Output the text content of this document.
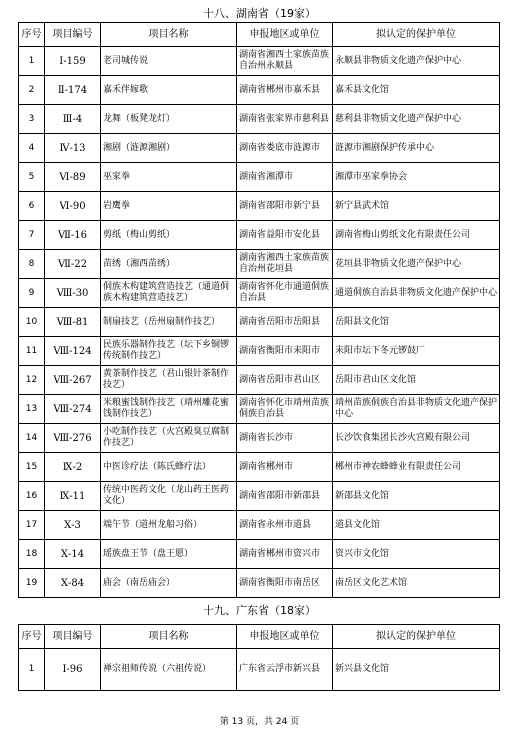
十八、湖南省（19家）
序号	项目编号	项目名称	申报地区或单位	拟认定的保护单位
1	Ⅰ-159	老司城传说	湖南省湘西土家族苗族自治州永顺县	永顺县非物质文化遗产保护中心
2	Ⅱ-174	嘉禾伴嫁歌	湖南省郴州市嘉禾县	嘉禾县文化馆
3	Ⅲ-4	龙舞（板凳龙灯）	湖南省张家界市慈利县	慈利县非物质文化遗产保护中心
4	Ⅳ-13	湘剧（涟源湘剧）	湖南省娄底市涟源市	涟源市湘剧保护传承中心
5	Ⅵ-89	巫家拳	湖南省湘潭市	湘潭市巫家拳协会
6	Ⅵ-90	岩鹰拳	湖南省邵阳市新宁县	新宁县武术馆
7	Ⅶ-16	剪纸（梅山剪纸）	湖南省益阳市安化县	湖南省梅山剪纸文化有限责任公司
8	Ⅶ-22	苗绣（湘西苗绣）	湖南省湘西土家族苗族自治州花垣县	花垣县非物质文化遗产保护中心
9	Ⅷ-30	侗族木构建筑营造技艺（通道侗族木构建筑营造技艺）	湖南省怀化市通道侗族自治县	通道侗族自治县非物质文化遗产保护中心
10	Ⅷ-81	制扇技艺（岳州扇制作技艺）	湖南省岳阳市岳阳县	岳阳县文化馆
11	Ⅷ-124	民族乐器制作技艺（坛下乡铜锣传统制作技艺）	湖南省衡阳市耒阳市	耒阳市坛下冬元锣鼓厂
12	Ⅷ-267	黄茶制作技艺（君山银针茶制作技艺）	湖南省岳阳市君山区	岳阳市君山区文化馆
13	Ⅷ-274	米粮蜜饯制作技艺（靖州雕花蜜饯制作技艺）	湖南省怀化市靖州苗族侗族自治县	靖州苗族侗族自治县非物质文化遗产保护中心
14	Ⅷ-276	小吃制作技艺（火宫殿臭豆腐制作技艺）	湖南省长沙市	长沙饮食集团长沙火宫殿有限公司
15	Ⅸ-2	中医诊疗法（陈氏蜂疗法）	湖南省郴州市	郴州市神农蜂蜂业有限责任公司
16	Ⅸ-11	传统中医药文化（龙山药王医药文化）	湖南省邵阳市新邵县	新邵县文化馆
17	Ⅹ-3	端午节（道州龙船习俗）	湖南省永州市道县	道县文化馆
18	Ⅹ-14	瑶族盘王节（盘王愿）	湖南省郴州市资兴市	资兴市文化馆
19	Ⅹ-84	庙会（南岳庙会）	湖南省衡阳市南岳区	南岳区文化艺术馆
十九、广东省（18家）
序号	项目编号	项目名称	申报地区或单位	拟认定的保护单位
1	Ⅰ-96	禅宗祖师传说（六祖传说）	广东省云浮市新兴县	新兴县文化馆
第 13 页，共 24 页
